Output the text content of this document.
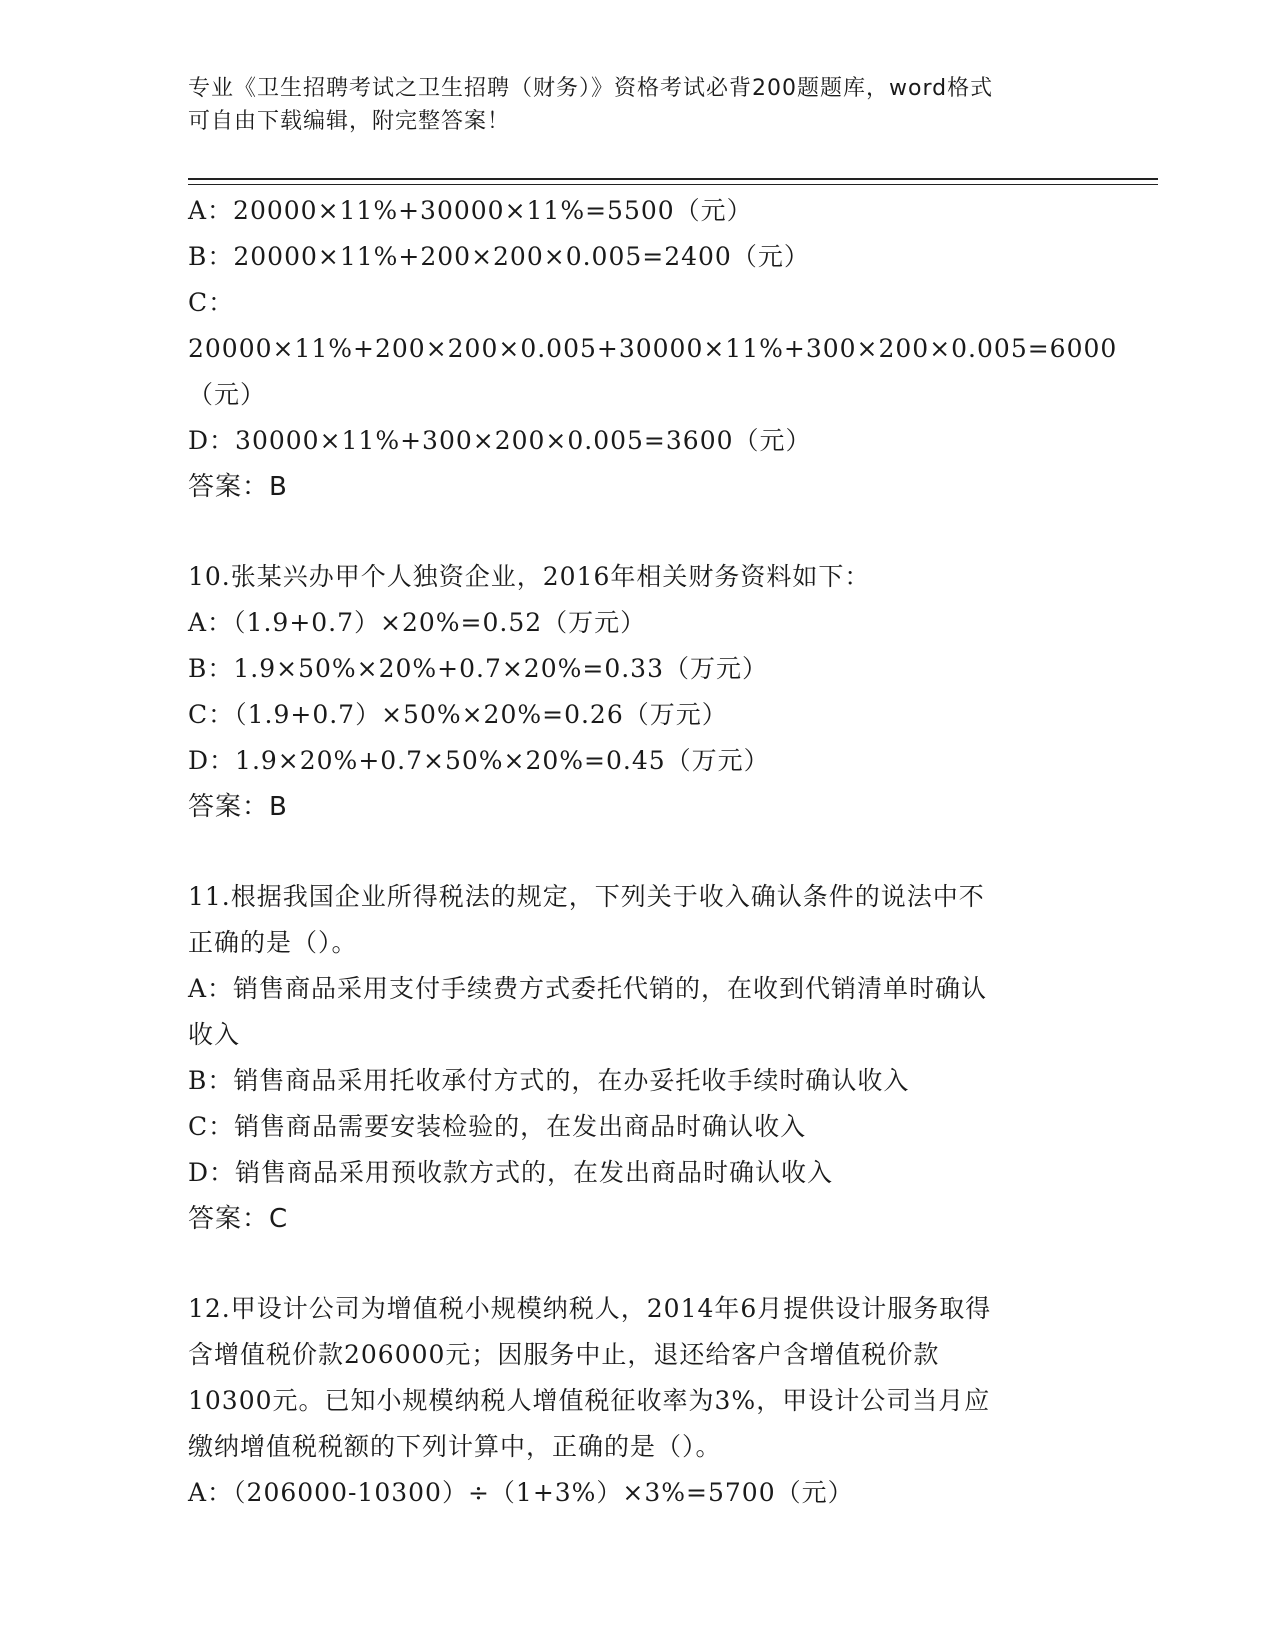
专业《卫生招聘考试之卫生招聘（财务）》资格考试必背200题题库，word格式
可自由下载编辑，附完整答案！
A：20000×11%+30000×11%=5500（元）
B：20000×11%+200×200×0.005=2400（元）
C：20000×11%+200×200×0.005+30000×11%+300×200×0.005=6000
（元）
D：30000×11%+300×200×0.005=3600（元）
答案：B
10.张某兴办甲个人独资企业，2016年相关财务资料如下：
A：（1.9+0.7）×20%=0.52（万元）
B：1.9×50%×20%+0.7×20%=0.33（万元）
C：（1.9+0.7）×50%×20%=0.26（万元）
D：1.9×20%+0.7×50%×20%=0.45（万元）
答案：B
11.根据我国企业所得税法的规定，下列关于收入确认条件的说法中不
正确的是（）。
A：销售商品采用支付手续费方式委托代销的，在收到代销清单时确认
收入
B：销售商品采用托收承付方式的，在办妥托收手续时确认收入
C：销售商品需要安装检验的，在发出商品时确认收入
D：销售商品采用预收款方式的，在发出商品时确认收入
答案：C
12.甲设计公司为增值税小规模纳税人，2014年6月提供设计服务取得
含增值税价款206000元；因服务中止，退还给客户含增值税价款
10300元。已知小规模纳税人增值税征收率为3%，甲设计公司当月应
缴纳增值税税额的下列计算中，正确的是（）。
A：（206000-10300）÷（1+3%）×3%=5700（元）
